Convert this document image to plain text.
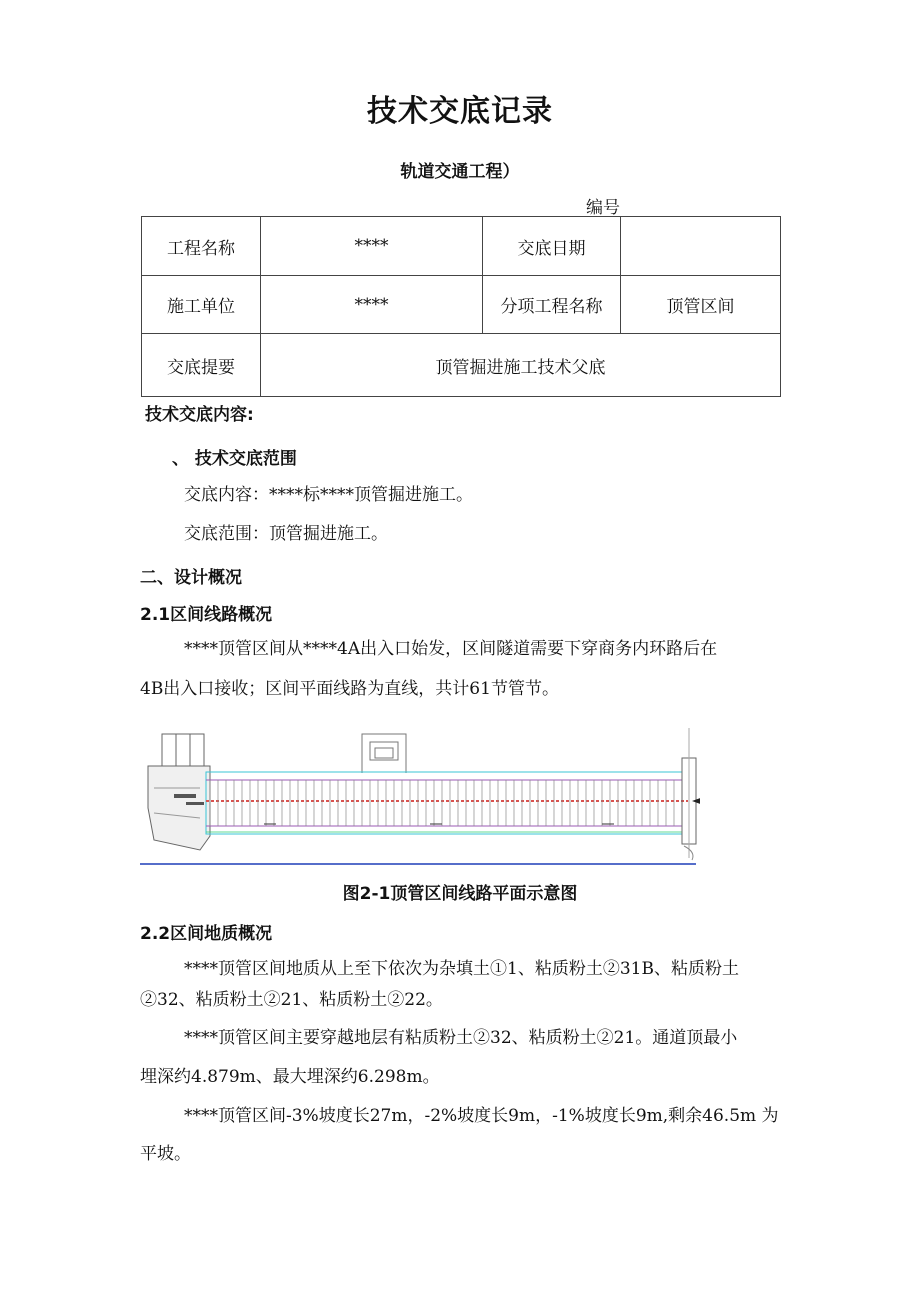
技术交底记录
轨道交通工程）
编号
工程名称	****	交底日期	
施工单位	****	分项工程名称	顶管区间
交底提要	顶管掘进施工技术父底		
技术交底内容:
、 技术交底范围
交底内容：****标****顶管掘进施工。
交底范围：顶管掘进施工。
二、设计概况
2.1区间线路概况
****顶管区间从****4A出入口始发，区间隧道需要下穿商务内环路后在
4B出入口接收；区间平面线路为直线，共计61节管节。
图2-1顶管区间线路平面示意图
2.2区间地质概况
****顶管区间地质从上至下依次为杂填土①1、粘质粉土②31B、粘质粉土
②32、粘质粉土②21、粘质粉土②22。
****顶管区间主要穿越地层有粘质粉土②32、粘质粉土②21。通道顶最小
埋深约4.879m、最大埋深约6.298m。
****顶管区间-3%坡度长27m，-2%坡度长9m，-1%坡度长9m,剩余46.5m 为
平坡。
